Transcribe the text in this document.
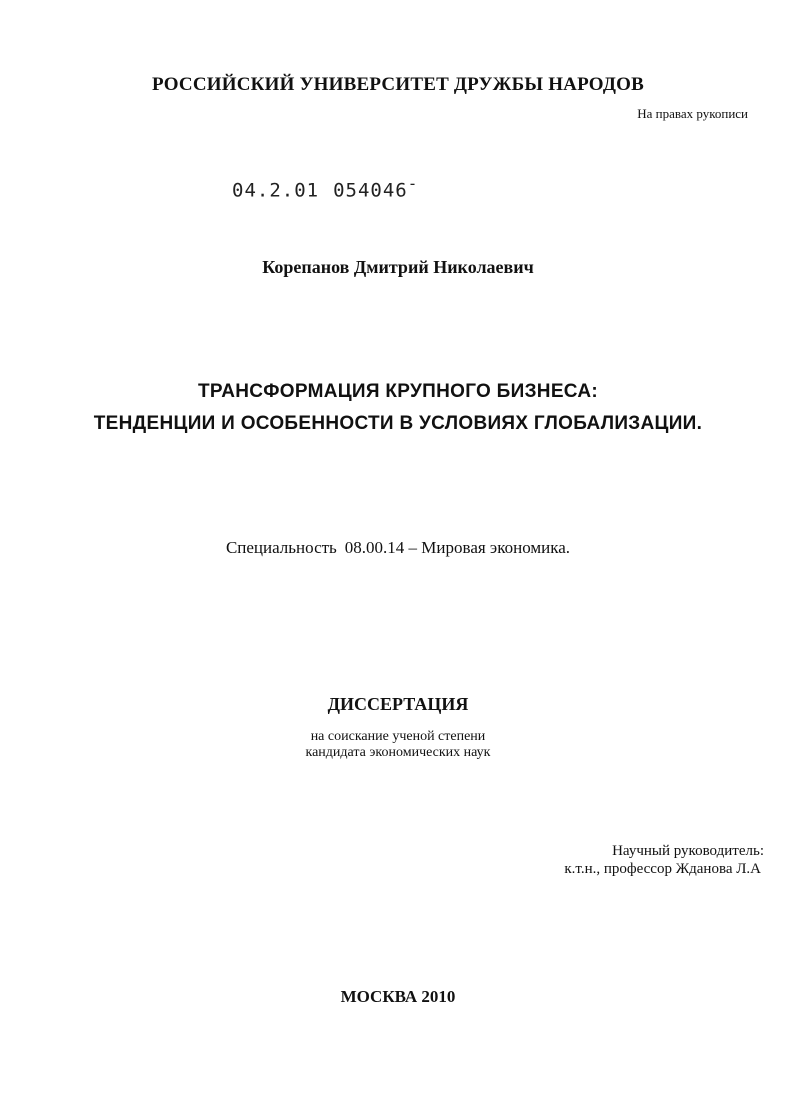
РОССИЙСКИЙ УНИВЕРСИТЕТ ДРУЖБЫ НАРОДОВ
На правах рукописи
04.2.01 054046-
Корепанов Дмитрий Николаевич
ТРАНСФОРМАЦИЯ КРУПНОГО БИЗНЕСА:
ТЕНДЕНЦИИ И ОСОБЕННОСТИ В УСЛОВИЯХ ГЛОБАЛИЗАЦИИ.
Специальность 08.00.14 – Мировая экономика.
ДИССЕРТАЦИЯ
на соискание ученой степени
кандидата экономических наук
Научный руководитель:
к.т.н., профессор Жданова Л.А
МОСКВА 2010
